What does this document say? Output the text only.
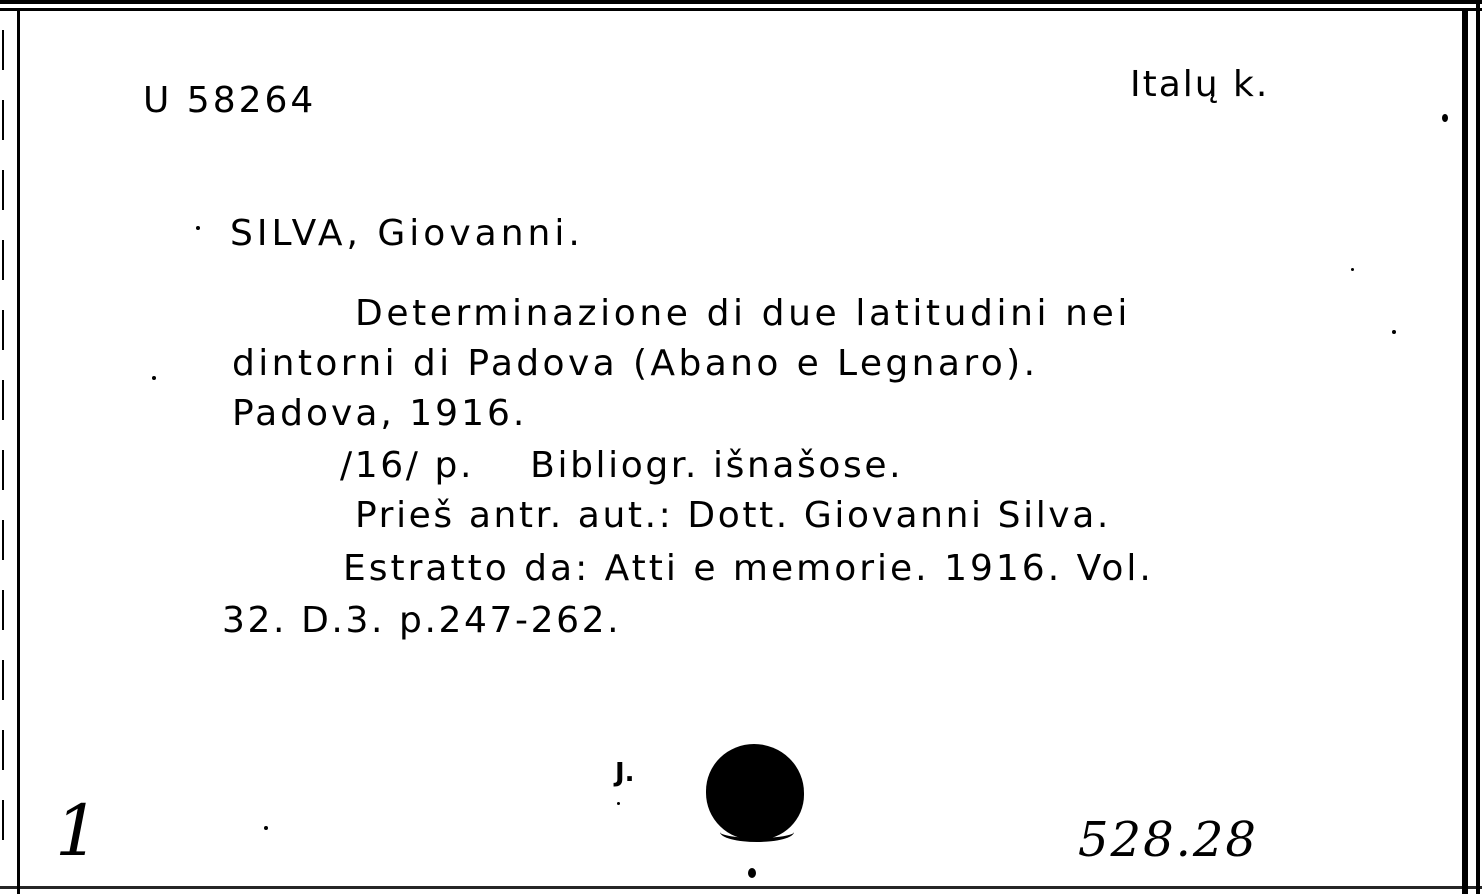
U 58264	Italų k.
SILVA, Giovanni.
Determinazione di due latitudini nei
dintorni di Padova (Abano e Legnaro).
Padova, 1916.
/16/ p.    Bibliogr. išnašose.
Prieš antr. aut.: Dott. Giovanni Silva.
Estratto da: Atti e memorie. 1916. Vol.
32. D.3. p.247-262.
1
J.
528.28
